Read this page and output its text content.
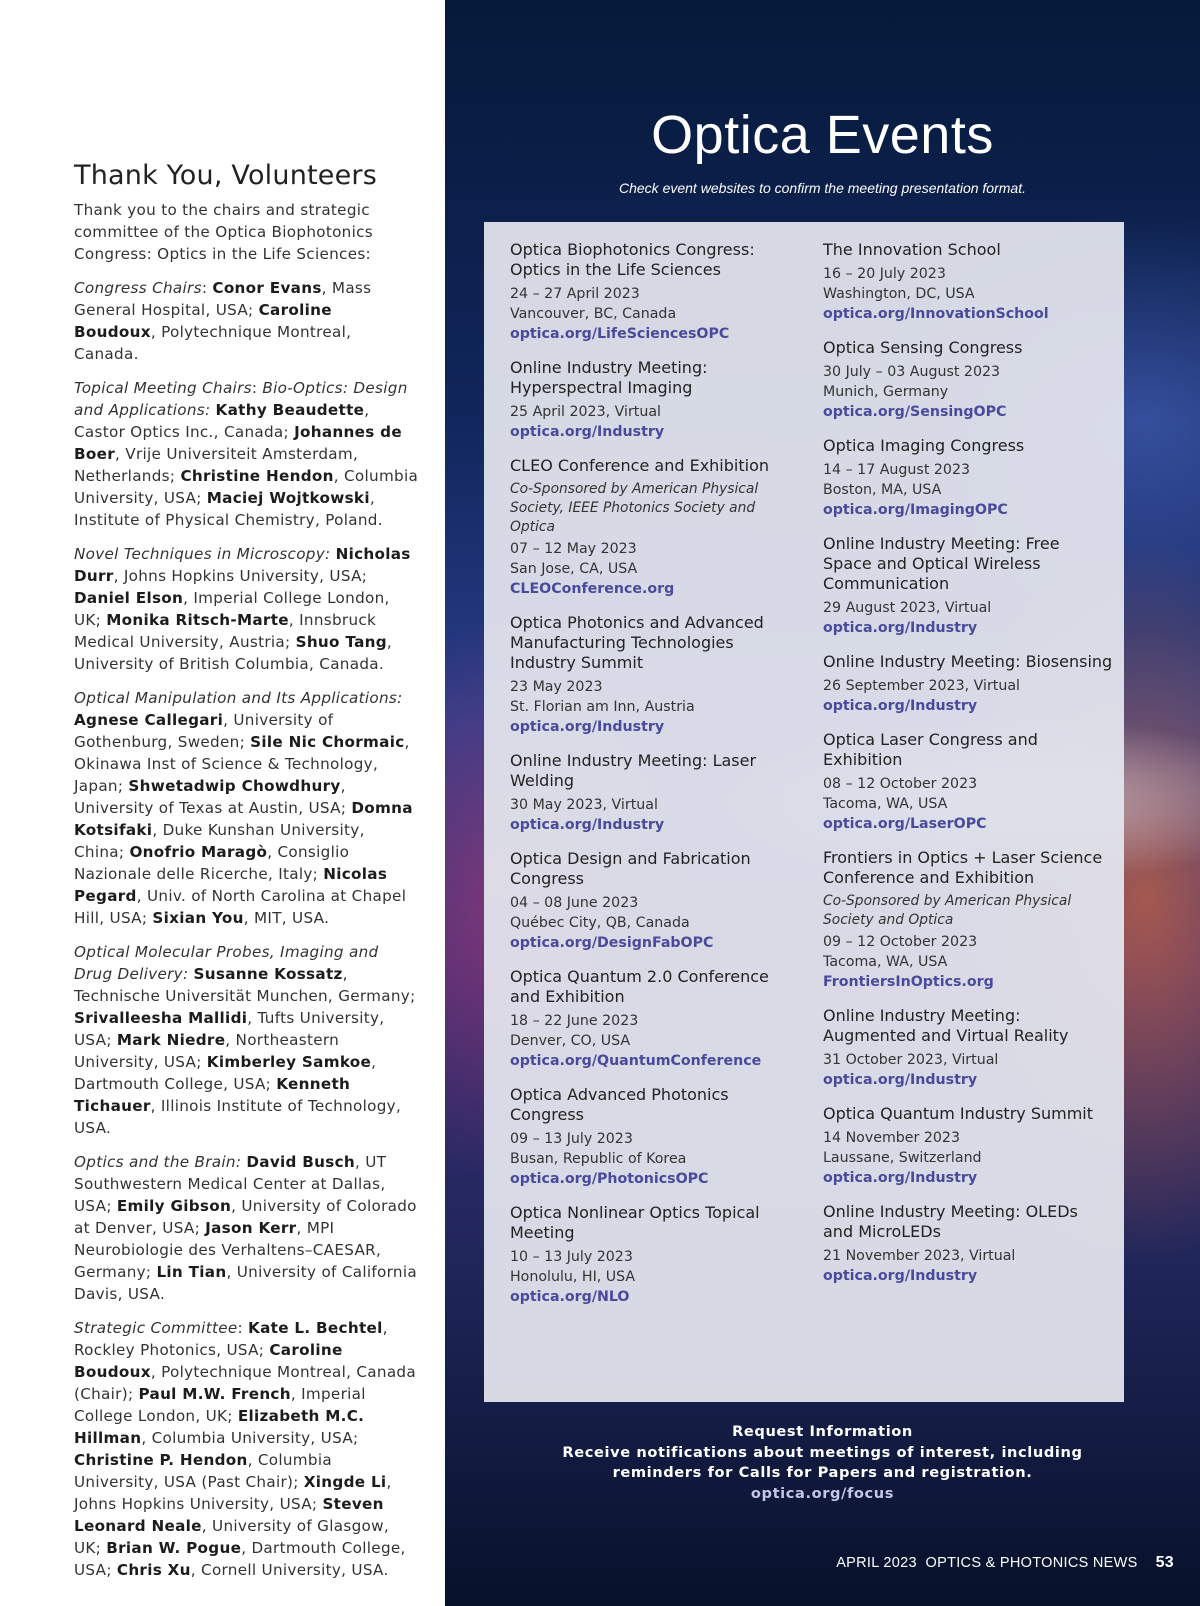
Thank You, Volunteers

Thank you to the chairs and strategic committee of the Optica Biophotonics Congress: Optics in the Life Sciences:

Congress Chairs: Conor Evans, Mass General Hospital, USA; Caroline Boudoux, Polytechnique Montreal, Canada.

Topical Meeting Chairs: Bio-Optics: Design and Applications: Kathy Beaudette, Castor Optics Inc., Canada; Johannes de Boer, Vrije Universiteit Amsterdam, Netherlands; Christine Hendon, Columbia University, USA; Maciej Wojtkowski, Institute of Physical Chemistry, Poland.

Novel Techniques in Microscopy: Nicholas Durr, Johns Hopkins University, USA; Daniel Elson, Imperial College London, UK; Monika Ritsch-Marte, Innsbruck Medical University, Austria; Shuo Tang, University of British Columbia, Canada.

Optical Manipulation and Its Applications: Agnese Callegari, University of Gothenburg, Sweden; Sile Nic Chormaic, Okinawa Inst of Science & Technology, Japan; Shwetadwip Chowdhury, University of Texas at Austin, USA; Domna Kotsifaki, Duke Kunshan University, China; Onofrio Maragò, Consiglio Nazionale delle Ricerche, Italy; Nicolas Pegard, Univ. of North Carolina at Chapel Hill, USA; Sixian You, MIT, USA.

Optical Molecular Probes, Imaging and Drug Delivery: Susanne Kossatz, Technische Universität Munchen, Germany; Srivalleesha Mallidi, Tufts University, USA; Mark Niedre, Northeastern University, USA; Kimberley Samkoe, Dartmouth College, USA; Kenneth Tichauer, Illinois Institute of Technology, USA.

Optics and the Brain: David Busch, UT Southwestern Medical Center at Dallas, USA; Emily Gibson, University of Colorado at Denver, USA; Jason Kerr, MPI Neurobiologie des Verhaltens–CAESAR, Germany; Lin Tian, University of California Davis, USA.

Strategic Committee: Kate L. Bechtel, Rockley Photonics, USA; Caroline Boudoux, Polytechnique Montreal, Canada (Chair); Paul M.W. French, Imperial College London, UK; Elizabeth M.C. Hillman, Columbia University, USA; Christine P. Hendon, Columbia University, USA (Past Chair); Xingde Li, Johns Hopkins University, USA; Steven Leonard Neale, University of Glasgow, UK; Brian W. Pogue, Dartmouth College, USA; Chris Xu, Cornell University, USA.

Optica Events

Check event websites to confirm the meeting presentation format.

Optica Biophotonics Congress: Optics in the Life Sciences
24 – 27 April 2023
Vancouver, BC, Canada
optica.org/LifeSciencesOPC
Online Industry Meeting: Hyperspectral Imaging
25 April 2023, Virtual
optica.org/Industry
CLEO Conference and Exhibition
Co-Sponsored by American Physical Society, IEEE Photonics Society and Optica
07 – 12 May 2023
San Jose, CA, USA
CLEOConference.org
Optica Photonics and Advanced Manufacturing Technologies Industry Summit
23 May 2023
St. Florian am Inn, Austria
optica.org/Industry
Online Industry Meeting: Laser Welding
30 May 2023, Virtual
optica.org/Industry
Optica Design and Fabrication Congress
04 – 08 June 2023
Québec City, QB, Canada
optica.org/DesignFabOPC
Optica Quantum 2.0 Conference and Exhibition
18 – 22 June 2023
Denver, CO, USA
optica.org/QuantumConference
Optica Advanced Photonics Congress
09 – 13 July 2023
Busan, Republic of Korea
optica.org/PhotonicsOPC
Optica Nonlinear Optics Topical Meeting
10 – 13 July 2023
Honolulu, HI, USA
optica.org/NLO
The Innovation School
16 – 20 July 2023
Washington, DC, USA
optica.org/InnovationSchool
Optica Sensing Congress
30 July – 03 August 2023
Munich, Germany
optica.org/SensingOPC
Optica Imaging Congress
14 – 17 August 2023
Boston, MA, USA
optica.org/ImagingOPC
Online Industry Meeting: Free Space and Optical Wireless Communication
29 August 2023, Virtual
optica.org/Industry
Online Industry Meeting: Biosensing
26 September 2023, Virtual
optica.org/Industry
Optica Laser Congress and Exhibition
08 – 12 October 2023
Tacoma, WA, USA
optica.org/LaserOPC
Frontiers in Optics + Laser Science Conference and Exhibition
Co-Sponsored by American Physical Society and Optica
09 – 12 October 2023
Tacoma, WA, USA
FrontiersInOptics.org
Online Industry Meeting: Augmented and Virtual Reality
31 October 2023, Virtual
optica.org/Industry
Optica Quantum Industry Summit
14 November 2023
Laussane, Switzerland
optica.org/Industry
Online Industry Meeting: OLEDs and MicroLEDs
21 November 2023, Virtual
optica.org/Industry
Request Information
Receive notifications about meetings of interest, including
reminders for Calls for Papers and registration.
optica.org/focus
APRIL 2023  OPTICS & PHOTONICS NEWS 53
